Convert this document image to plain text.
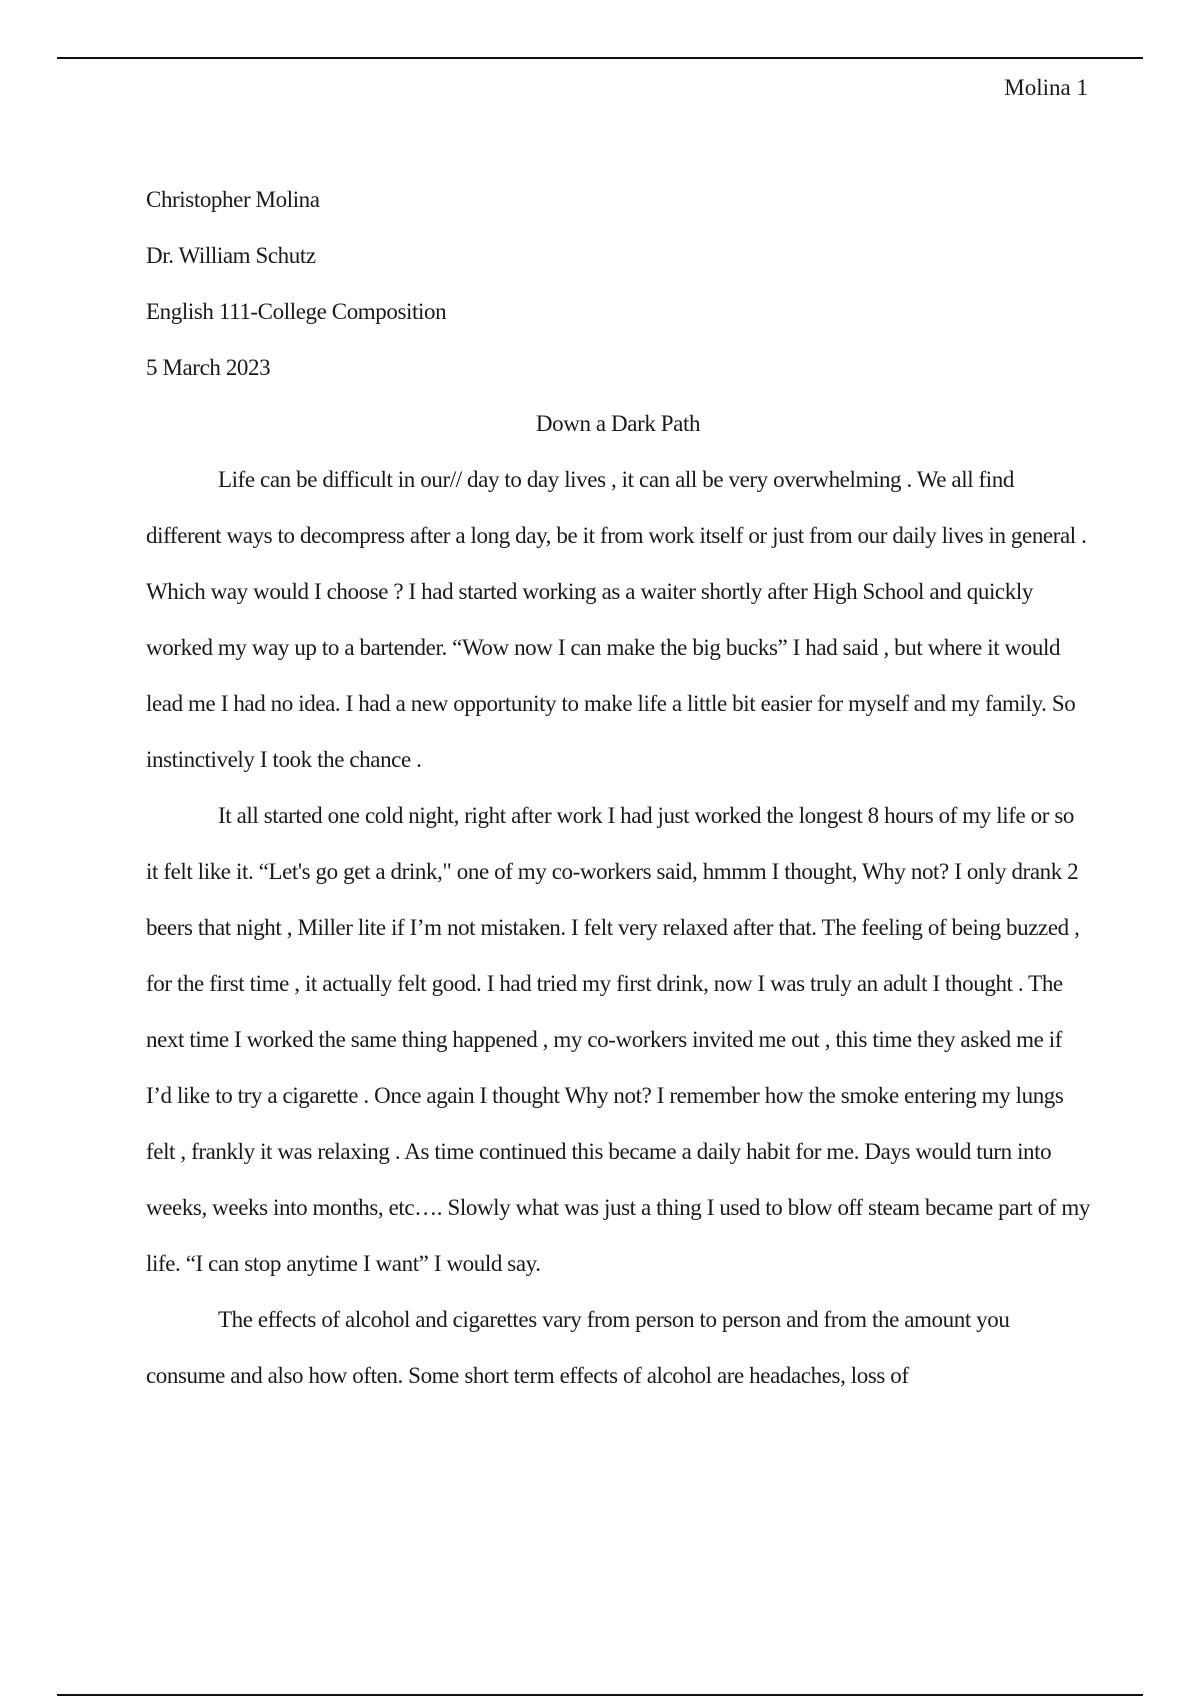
Molina 1
Christopher Molina
Dr. William Schutz
English 111-College Composition
5 March 2023
Down a Dark Path

Life can be difficult in our// day to day lives , it can all be very overwhelming . We all find different ways to decompress after a long day, be it from work itself or just from our daily lives in general . Which way would I choose ? I had started working as a waiter shortly after High School and quickly worked my way up to a bartender. “Wow now I can make the big bucks” I had said , but where it would lead me I had no idea. I had a new opportunity to make life a little bit easier for myself and my family. So instinctively I took the chance .

It all started one cold night, right after work I had just worked the longest 8 hours of my life or so it felt like it. “Let's go get a drink," one of my co-workers said, hmmm I thought, Why not? I only drank 2 beers that night , Miller lite if I’m not mistaken. I felt very relaxed after that. The feeling of being buzzed , for the first time , it actually felt good. I had tried my first drink, now I was truly an adult I thought . The next time I worked the same thing happened , my co-workers invited me out , this time they asked me if I’d like to try a cigarette . Once again I thought Why not? I remember how the smoke entering my lungs felt , frankly it was relaxing . As time continued this became a daily habit for me. Days would turn into weeks, weeks into months, etc…. Slowly what was just a thing I used to blow off steam became part of my life. “I can stop anytime I want” I would say.

The effects of alcohol and cigarettes vary from person to person and from the amount you consume and also how often. Some short term effects of alcohol are headaches, loss of
